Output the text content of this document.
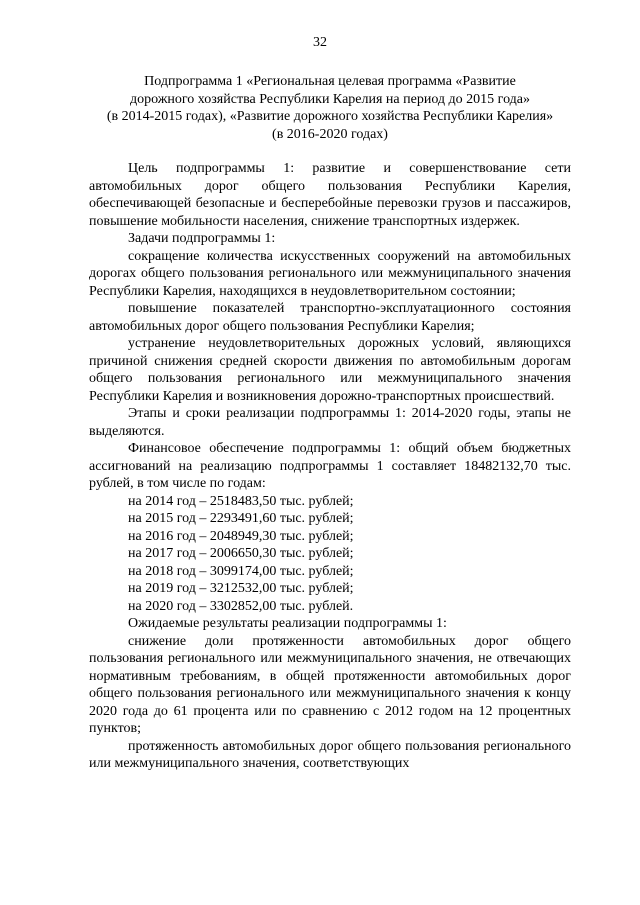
32
Подпрограмма 1 «Региональная целевая программа «Развитие
дорожного хозяйства Республики Карелия на период до 2015 года»
(в 2014-2015 годах), «Развитие дорожного хозяйства Республики Карелия»
(в 2016-2020 годах)

Цель подпрограммы 1: развитие и совершенствование сети автомобильных дорог общего пользования Республики Карелия, обеспечивающей безопасные и бесперебойные перевозки грузов и пассажиров, повышение мобильности населения, снижение транспортных издержек.

Задачи подпрограммы 1:

сокращение количества искусственных сооружений на автомобильных дорогах общего пользования регионального или межмуниципального значения Республики Карелия, находящихся в неудовлетворительном состоянии;

повышение показателей транспортно-эксплуатационного состояния автомобильных дорог общего пользования Республики Карелия;

устранение неудовлетворительных дорожных условий, являющихся причиной снижения средней скорости движения по автомобильным дорогам общего пользования регионального или межмуниципального значения Республики Карелия и возникновения дорожно-транспортных происшествий.

Этапы и сроки реализации подпрограммы 1: 2014-2020 годы, этапы не выделяются.

Финансовое обеспечение подпрограммы 1: общий объем бюджетных ассигнований на реализацию подпрограммы 1 составляет 18482132,70 тыс. рублей, в том числе по годам:

на 2014 год – 2518483,50 тыс. рублей;

на 2015 год – 2293491,60 тыс. рублей;

на 2016 год – 2048949,30 тыс. рублей;

на 2017 год – 2006650,30 тыс. рублей;

на 2018 год – 3099174,00 тыс. рублей;

на 2019 год – 3212532,00 тыс. рублей;

на 2020 год – 3302852,00 тыс. рублей.

Ожидаемые результаты реализации подпрограммы 1:

снижение доли протяженности автомобильных дорог общего пользования регионального или межмуниципального значения, не отвечающих нормативным требованиям, в общей протяженности автомобильных дорог общего пользования регионального или межмуниципального значения к концу 2020 года до 61 процента или по сравнению с 2012 годом на 12 процентных пунктов;

протяженность автомобильных дорог общего пользования регионального или межмуниципального значения, соответствующих
